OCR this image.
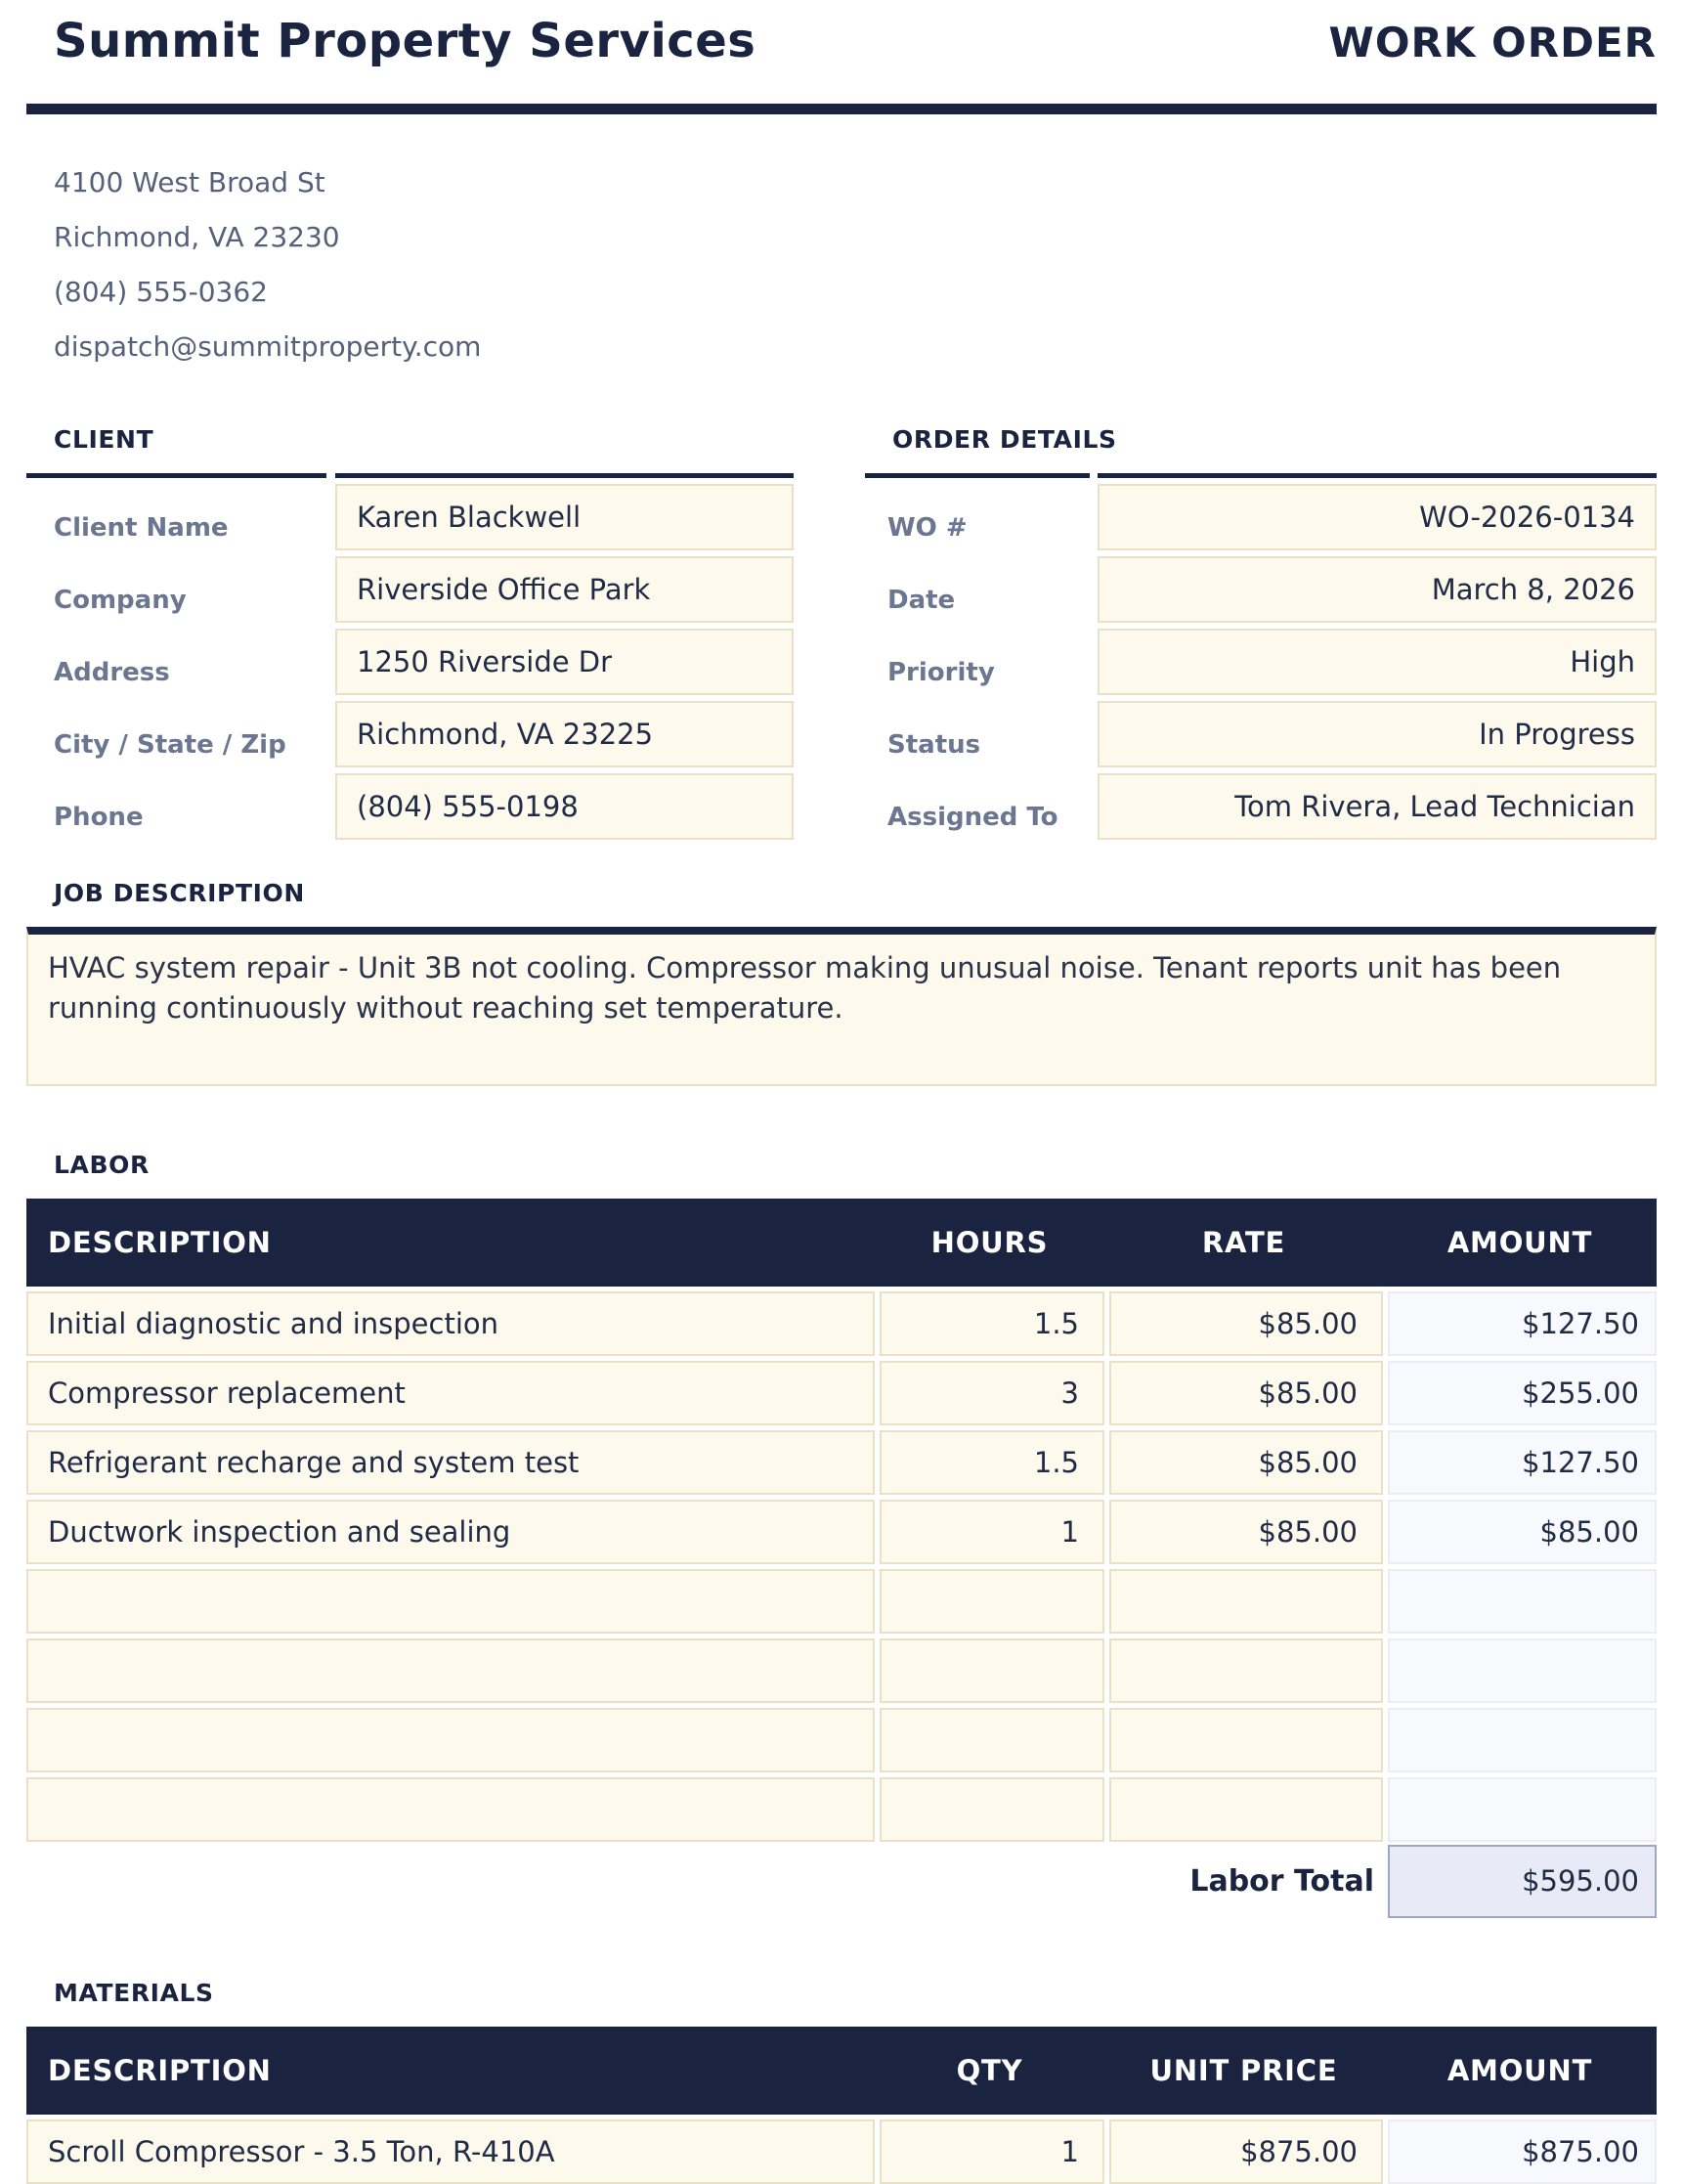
Summit Property Services	WORK ORDER
4100 West Broad St
Richmond, VA 23230
(804) 555-0362
dispatch@summitproperty.com
CLIENT
Client Name	Karen Blackwell
Company	Riverside Office Park
Address	1250 Riverside Dr
City / State / Zip	Richmond, VA 23225
Phone	(804) 555-0198
ORDER DETAILS
WO #	WO-2026-0134
Date	March 8, 2026
Priority	High
Status	In Progress
Assigned To	Tom Rivera, Lead Technician
JOB DESCRIPTION
HVAC system repair - Unit 3B not cooling. Compressor making unusual noise. Tenant reports unit has been running continuously without reaching set temperature.
LABOR
DESCRIPTION	HOURS	RATE	AMOUNT
Initial diagnostic and inspection	1.5	$85.00	$127.50
Compressor replacement	3	$85.00	$255.00
Refrigerant recharge and system test	1.5	$85.00	$127.50
Ductwork inspection and sealing	1	$85.00	$85.00
Labor Total	$595.00
MATERIALS
DESCRIPTION	QTY	UNIT PRICE	AMOUNT
Scroll Compressor - 3.5 Ton, R-410A	1	$875.00	$875.00
